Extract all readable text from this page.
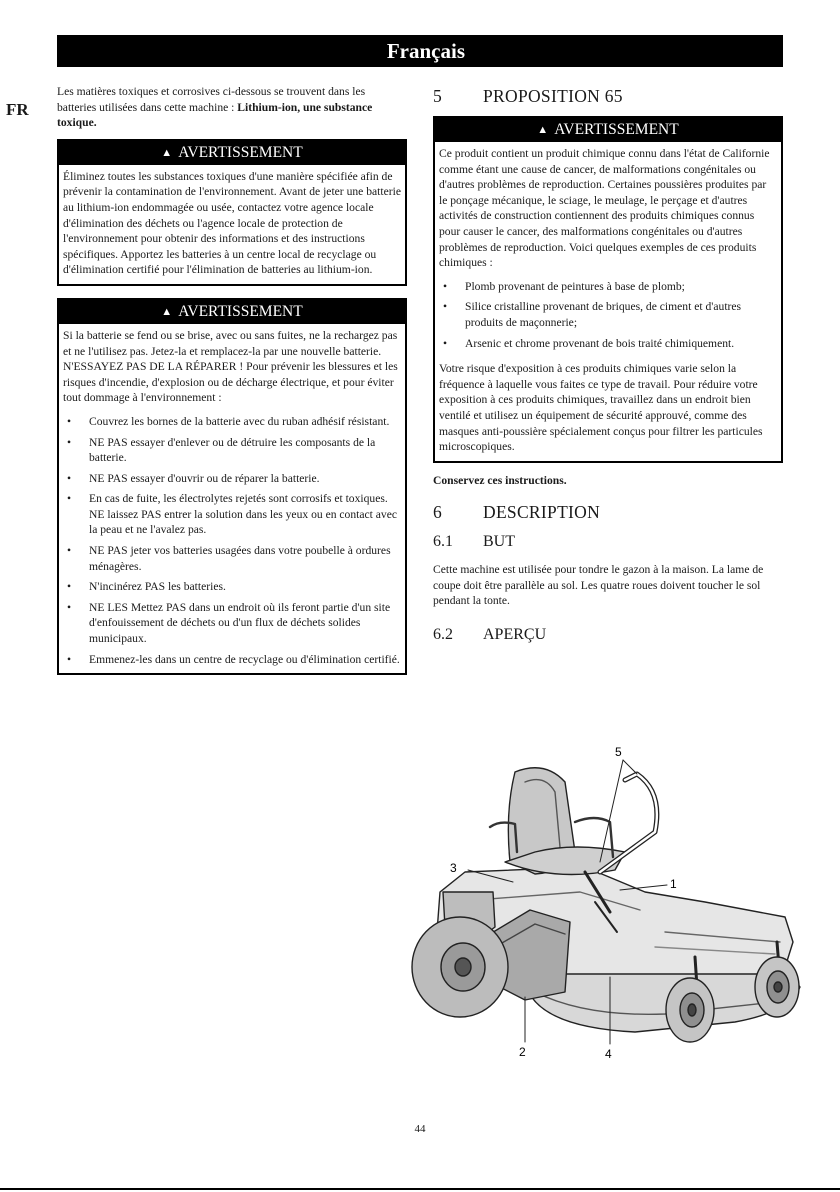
Français
FR

Les matières toxiques et corrosives ci-dessous se trouvent dans les batteries utilisées dans cette machine : Lithium-ion, une substance toxique.

▲ AVERTISSEMENT

Éliminez toutes les substances toxiques d'une manière spécifiée afin de prévenir la contamination de l'environnement. Avant de jeter une batterie au lithium-ion endommagée ou usée, contactez votre agence locale d'élimination des déchets ou l'agence locale de protection de l'environnement pour obtenir des informations et des instructions spécifiques. Apportez les batteries à un centre local de recyclage ou d'élimination certifié pour l'élimination de batteries au lithium-ion.

▲ AVERTISSEMENT

Si la batterie se fend ou se brise, avec ou sans fuites, ne la rechargez pas et ne l'utilisez pas. Jetez-la et remplacez-la par une nouvelle batterie. N'ESSAYEZ PAS DE LA RÉPARER ! Pour prévenir les blessures et les risques d'incendie, d'explosion ou de décharge électrique, et pour éviter tout dommage à l'environnement :

• Couvrez les bornes de la batterie avec du ruban adhésif résistant.
• NE PAS essayer d'enlever ou de détruire les composants de la batterie.
• NE PAS essayer d'ouvrir ou de réparer la batterie.
• En cas de fuite, les électrolytes rejetés sont corrosifs et toxiques. NE laissez PAS entrer la solution dans les yeux ou en contact avec la peau et ne l'avalez pas.
• NE PAS jeter vos batteries usagées dans votre poubelle à ordures ménagères.
• N'incinérez PAS les batteries.
• NE LES Mettez PAS dans un endroit où ils feront partie d'un site d'enfouissement de déchets ou d'un flux de déchets solides municipaux.
• Emmenez-les dans un centre de recyclage ou d'élimination certifié.
5	PROPOSITION 65
▲ AVERTISSEMENT

Ce produit contient un produit chimique connu dans l'état de Californie comme étant une cause de cancer, de malformations congénitales ou d'autres problèmes de reproduction. Certaines poussières produites par le ponçage mécanique, le sciage, le meulage, le perçage et d'autres activités de construction contiennent des produits chimiques connus pour causer le cancer, des malformations congénitales ou d'autres problèmes de reproduction. Voici quelques exemples de ces produits chimiques :

• Plomb provenant de peintures à base de plomb;
• Silice cristalline provenant de briques, de ciment et d'autres produits de maçonnerie;
• Arsenic et chrome provenant de bois traité chimiquement.

Votre risque d'exposition à ces produits chimiques varie selon la fréquence à laquelle vous faites ce type de travail. Pour réduire votre exposition à ces produits chimiques, travaillez dans un endroit bien ventilé et utilisez un équipement de sécurité approuvé, comme des masques anti-poussière spécialement conçus pour filtrer les particules microscopiques.

Conservez ces instructions.

6	DESCRIPTION
6.1	BUT

Cette machine est utilisée pour tondre le gazon à la maison. La lame de coupe doit être parallèle au sol. Les quatre roues doivent toucher le sol pendant la tonte.

6.2	APERÇU
5
3
1
2	4
44
